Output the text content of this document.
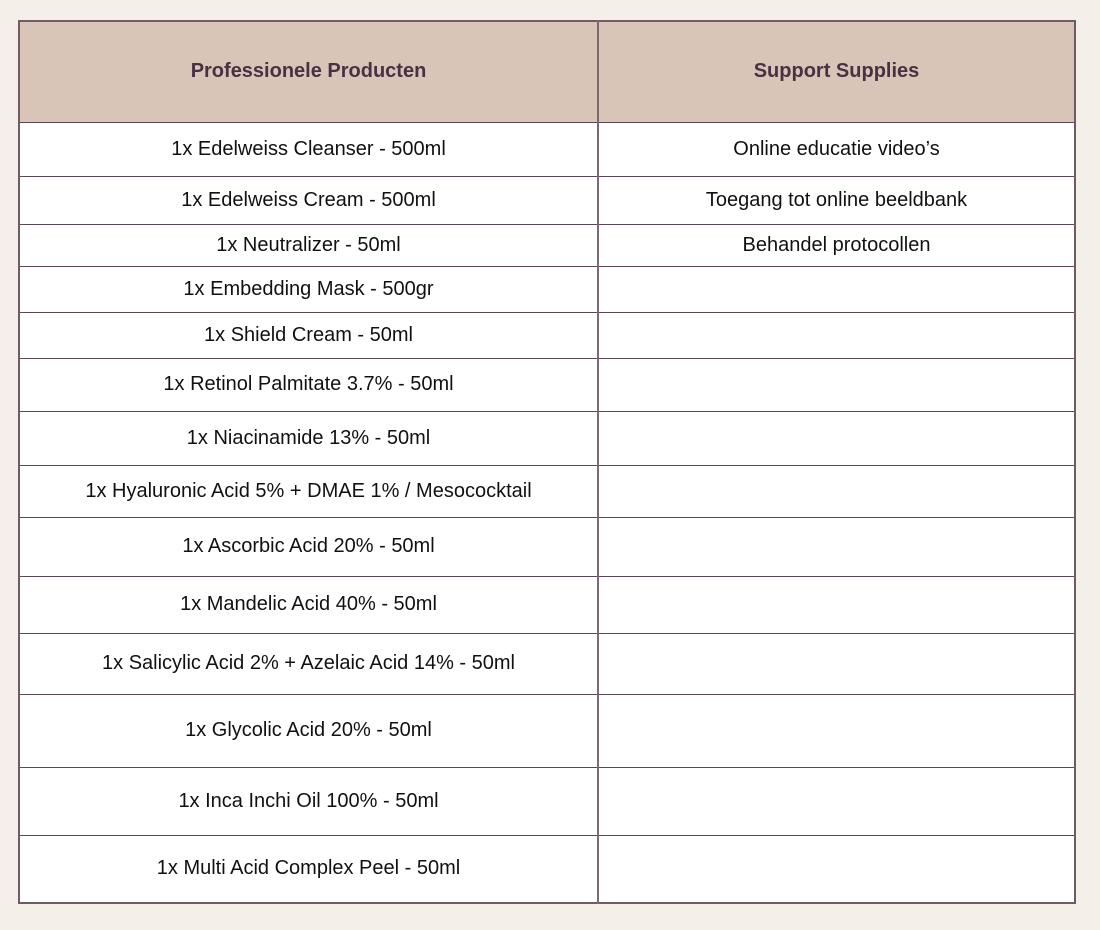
Professionele Producten	Support Supplies
1x Edelweiss Cleanser - 500ml	Online educatie video’s
1x Edelweiss Cream - 500ml	Toegang tot online beeldbank
1x Neutralizer - 50ml	Behandel protocollen
1x Embedding Mask - 500gr	
1x Shield Cream - 50ml	
1x Retinol Palmitate 3.7% - 50ml	
1x Niacinamide 13% - 50ml	
1x Hyaluronic Acid 5% + DMAE 1% / Mesococktail	
1x Ascorbic Acid 20% - 50ml	
1x Mandelic Acid 40% - 50ml	
1x Salicylic Acid 2% + Azelaic Acid 14% - 50ml	
1x Glycolic Acid 20% - 50ml	
1x Inca Inchi Oil 100% - 50ml	
1x Multi Acid Complex Peel - 50ml	
